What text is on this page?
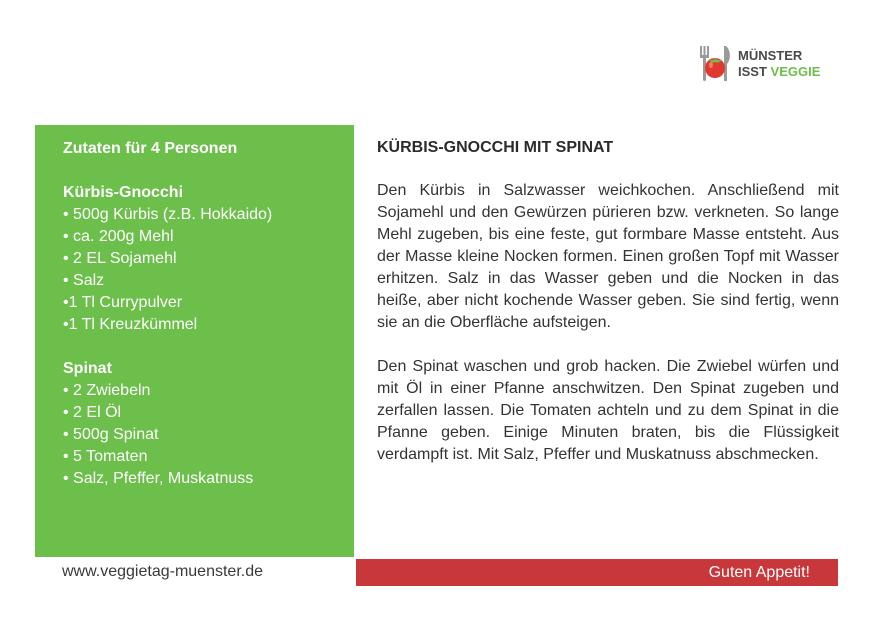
MÜNSTER
ISST VEGGIE
Zutaten für 4 Personen
Kürbis-Gnocchi
• 500g Kürbis (z.B. Hokkaido)
• ca. 200g Mehl
• 2 EL Sojamehl
• Salz
•1 Tl Currypulver
•1 Tl Kreuzkümmel
Spinat
• 2 Zwiebeln
• 2 El Öl
• 500g Spinat
• 5 Tomaten
• Salz, Pfeffer, Muskatnuss
KÜRBIS-GNOCCHI MIT SPINAT

Den Kürbis in Salzwasser weichkochen. Anschließend mit Sojamehl und den Gewürzen pürieren bzw. verkneten. So lange Mehl zugeben, bis eine feste, gut formbare Masse entsteht. Aus der Masse kleine Nocken formen. Einen großen Topf mit Wasser erhitzen. Salz in das Wasser geben und die Nocken in das heiße, aber nicht kochende Wasser geben. Sie sind fertig, wenn sie an die Oberfläche aufsteigen.

Den Spinat waschen und grob hacken. Die Zwiebel würfen und mit Öl in einer Pfanne anschwitzen. Den Spinat zugeben und zerfallen lassen. Die Tomaten achteln und zu dem Spinat in die Pfanne geben. Einige Minuten braten, bis die Flüssigkeit verdampft ist. Mit Salz, Pfeffer und Muskatnuss abschmecken.

www.veggietag-muenster.de	Guten Appetit!
